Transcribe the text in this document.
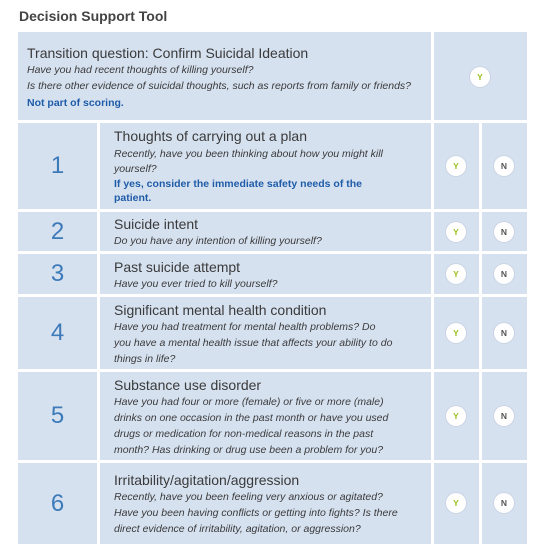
Decision Support Tool
Transition question: Confirm Suicidal Ideation
Have you had recent thoughts of killing yourself?
Is there other evidence of suicidal thoughts, such as reports from family or friends?
Not part of scoring.
Y
1
Thoughts of carrying out a plan
Recently, have you been thinking about how you might kill
yourself?
If yes, consider the immediate safety needs of the
patient.
Y	N
2	Suicide intent
Do you have any intention of killing yourself?
Y	N
3	Past suicide attempt
Have you ever tried to kill yourself?
Y	N
4
Significant mental health condition
Have you had treatment for mental health problems? Do
you have a mental health issue that affects your ability to do
things in life?
Y	N
5
Substance use disorder
Have you had four or more (female) or five or more (male)
drinks on one occasion in the past month or have you used
drugs or medication for non-medical reasons in the past
month? Has drinking or drug use been a problem for you?
Y	N
6
Irritability/agitation/aggression
Recently, have you been feeling very anxious or agitated?
Have you been having conflicts or getting into fights? Is there
direct evidence of irritability, agitation, or aggression?
Y	N
